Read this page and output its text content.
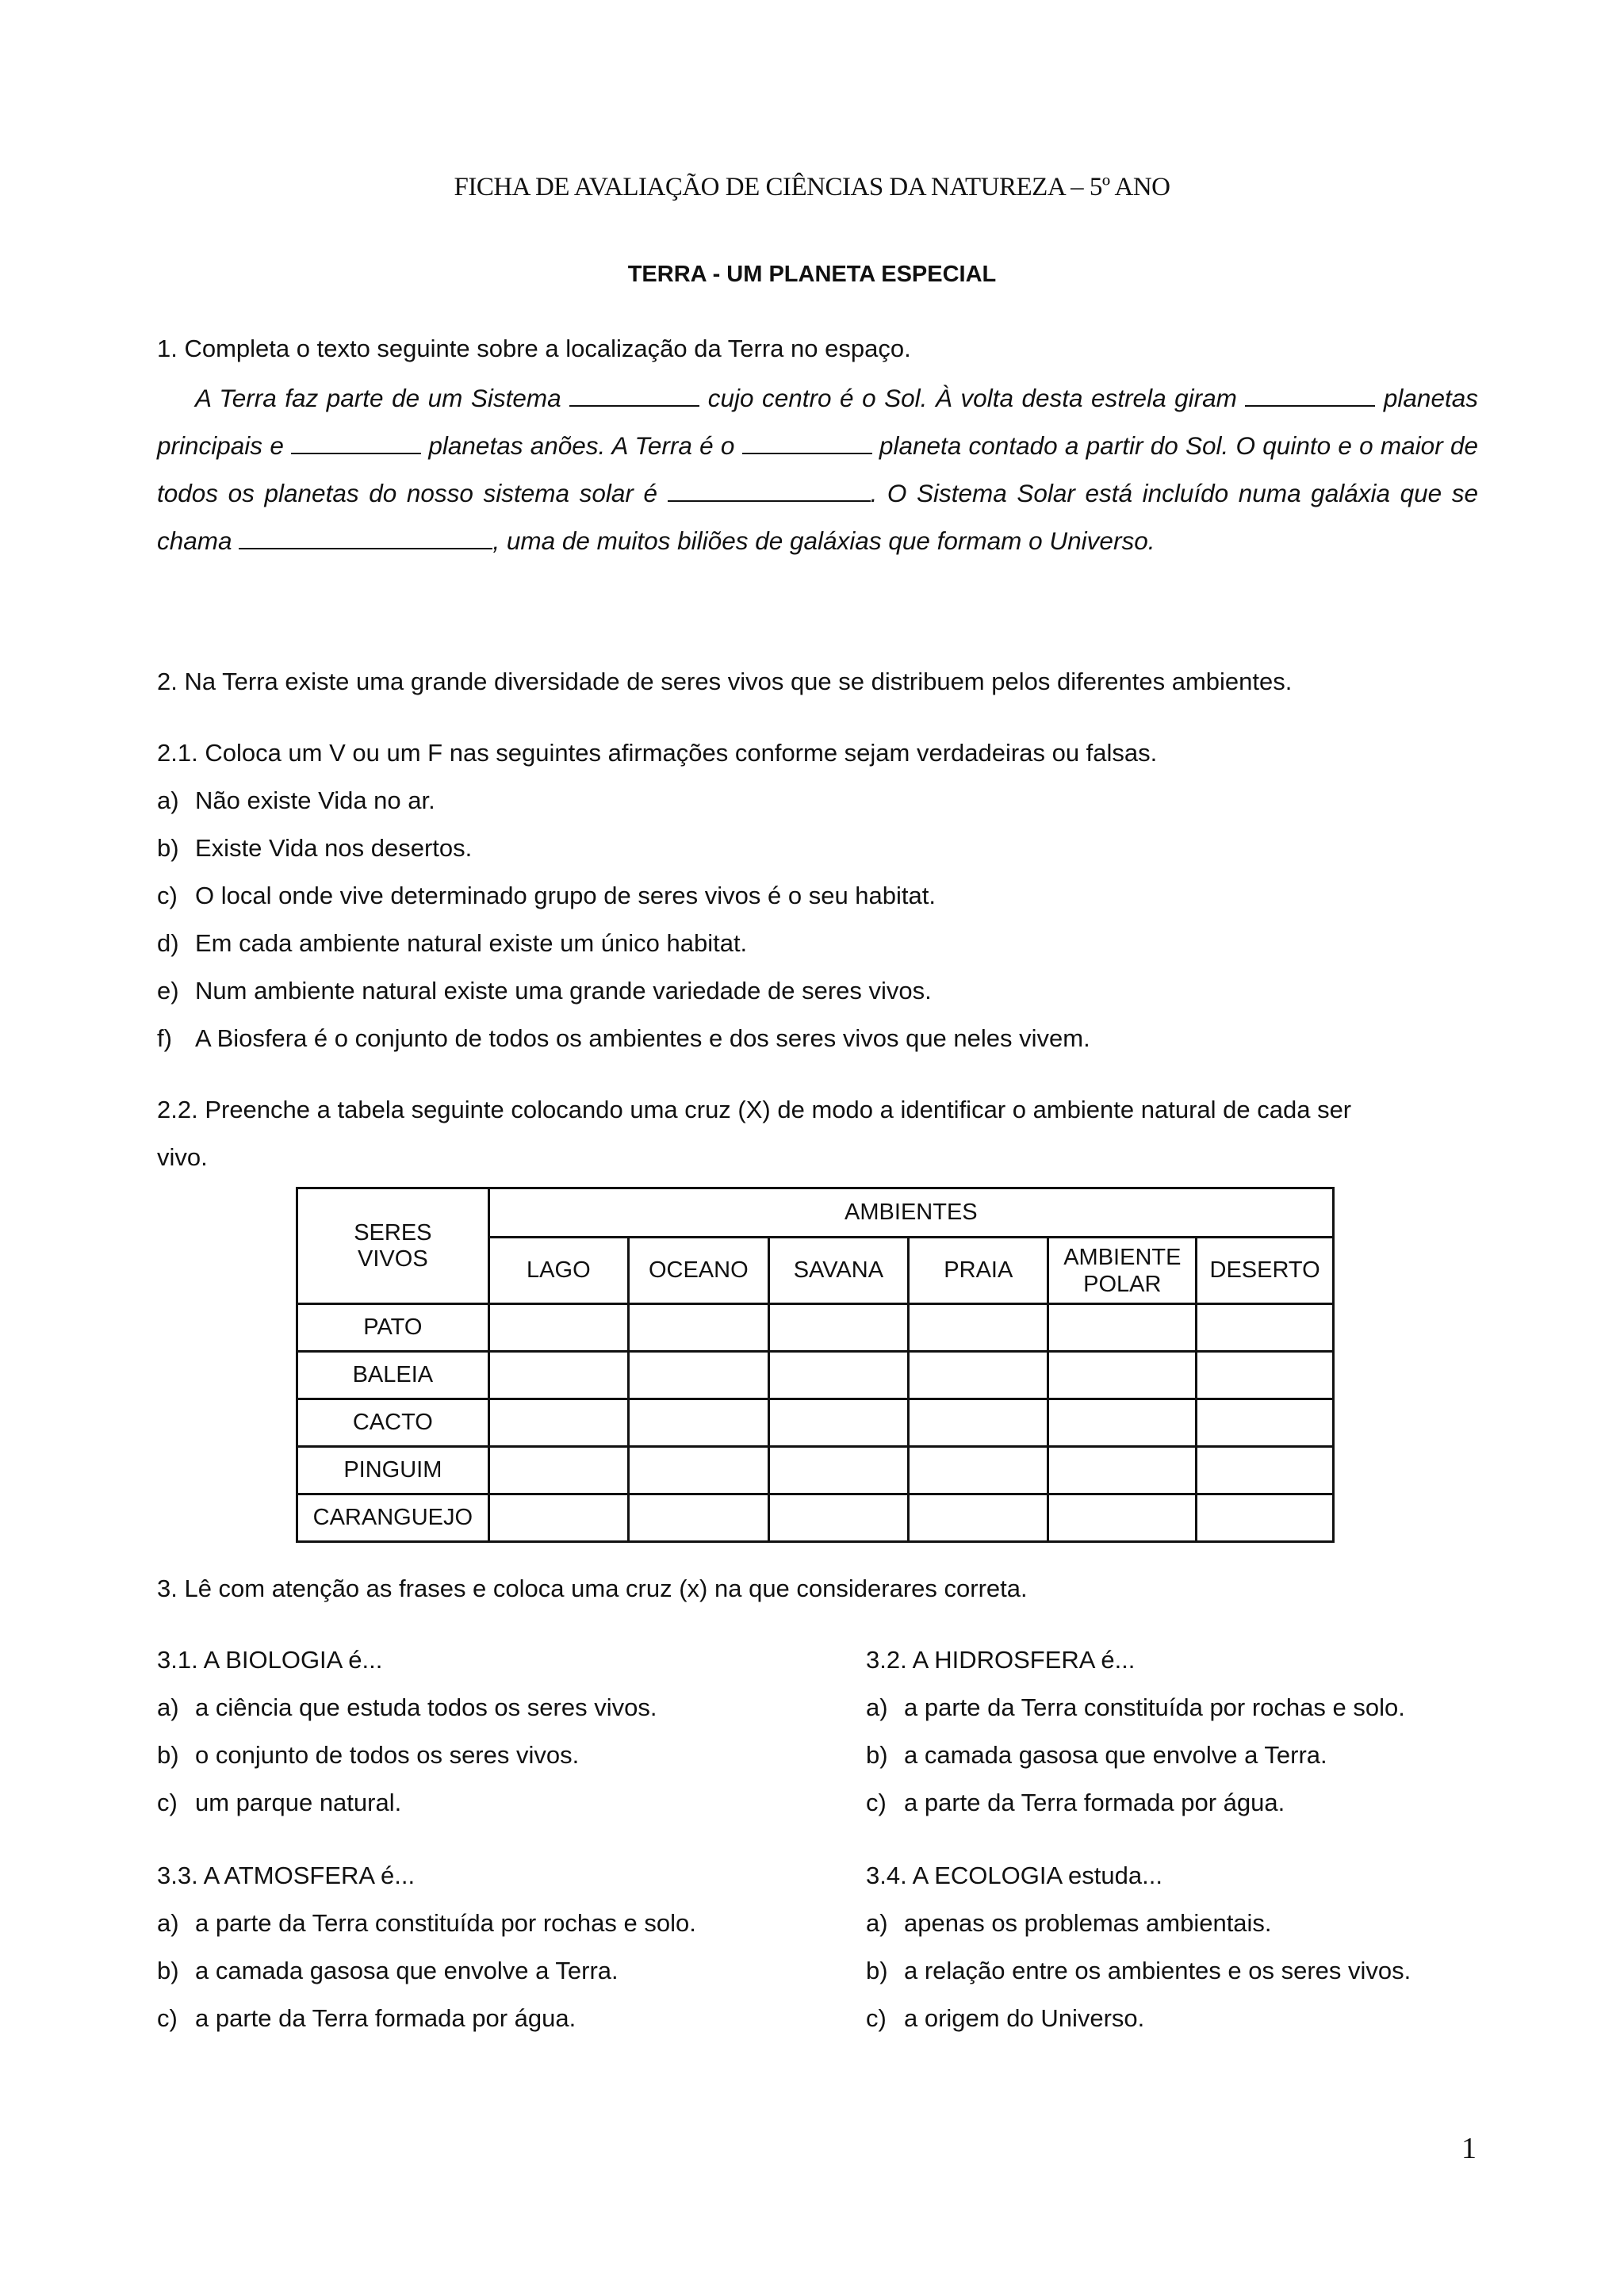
FICHA DE AVALIAÇÃO DE CIÊNCIAS DA NATUREZA – 5º ANO
TERRA - UM PLANETA ESPECIAL
1. Completa o texto seguinte sobre a localização da Terra no espaço.

A Terra faz parte de um Sistema	cujo centro é o Sol. À volta desta estrela giram	planetas principais e	planetas anões. A Terra é o	planeta contado a partir do Sol. O quinto e o maior de todos os planetas do nosso sistema solar é	. O Sistema Solar está incluído numa galáxia que se chama	, uma de muitos biliões de galáxias que formam o Universo.

2. Na Terra existe uma grande diversidade de seres vivos que se distribuem pelos diferentes ambientes.
2.1. Coloca um V ou um F nas seguintes afirmações conforme sejam verdadeiras ou falsas.
a) Não existe Vida no ar.
b) Existe Vida nos desertos.
c) O local onde vive determinado grupo de seres vivos é o seu habitat.
d) Em cada ambiente natural existe um único habitat.
e) Num ambiente natural existe uma grande variedade de seres vivos.
f) A Biosfera é o conjunto de todos os ambientes e dos seres vivos que neles vivem.
2.2. Preenche a tabela seguinte colocando uma cruz (X) de modo a identificar o ambiente natural de cada ser
vivo.
SERES
VIVOS	AMBIENTES					
	LAGO	OCEANO	SAVANA	PRAIA	AMBIENTE POLAR	DESERTO
PATO						
BALEIA						
CACTO						
PINGUIM						
CARANGUEJO						
3. Lê com atenção as frases e coloca uma cruz (x) na que considerares correta.
3.1. A BIOLOGIA é...
a) a ciência que estuda todos os seres vivos.
b) o conjunto de todos os seres vivos.
c) um parque natural.
3.2. A HIDROSFERA é...
a) a parte da Terra constituída por rochas e solo.
b) a camada gasosa que envolve a Terra.
c) a parte da Terra formada por água.
3.3. A ATMOSFERA é...
a) a parte da Terra constituída por rochas e solo.
b) a camada gasosa que envolve a Terra.
c) a parte da Terra formada por água.
3.4. A ECOLOGIA estuda...
a) apenas os problemas ambientais.
b) a relação entre os ambientes e os seres vivos.
c) a origem do Universo.
1
